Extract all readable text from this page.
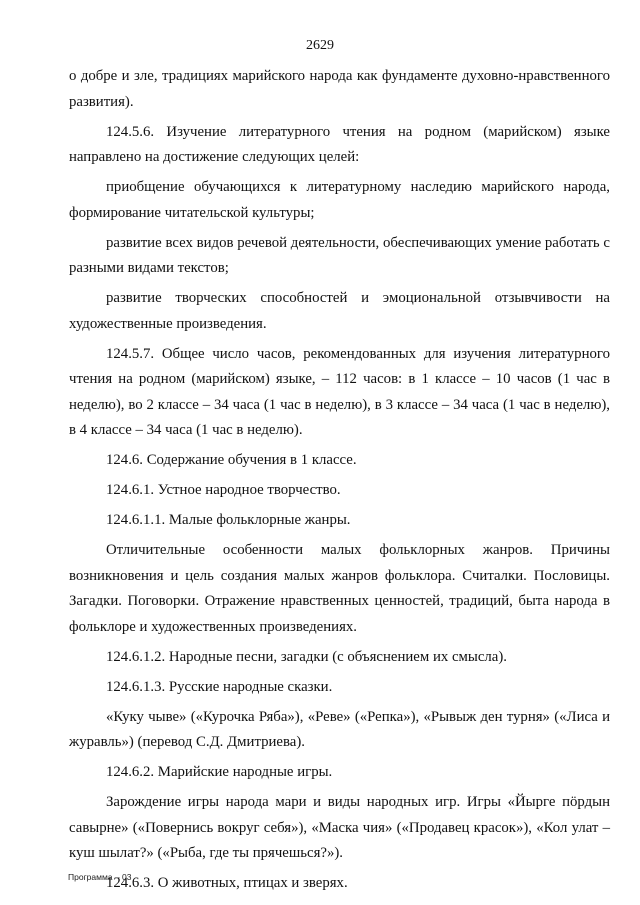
2629

о добре и зле, традициях марийского народа как фундаменте духовно-нравственного развития).

124.5.6. Изучение литературного чтения на родном (марийском) языке направлено на достижение следующих целей:

приобщение обучающихся к литературному наследию марийского народа, формирование читательской культуры;

развитие всех видов речевой деятельности, обеспечивающих умение работать с разными видами текстов;

развитие творческих способностей и эмоциональной отзывчивости на художественные произведения.

124.5.7. Общее число часов, рекомендованных для изучения литературного чтения на родном (марийском) языке, – 112 часов: в 1 классе – 10 часов (1 час в неделю), во 2 классе – 34 часа (1 час в неделю), в 3 классе – 34 часа (1 час в неделю), в 4 классе – 34 часа (1 час в неделю).

124.6. Содержание обучения в 1 классе.

124.6.1. Устное народное творчество.

124.6.1.1. Малые фольклорные жанры.

Отличительные особенности малых фольклорных жанров. Причины возникновения и цель создания малых жанров фольклора. Считалки. Пословицы. Загадки. Поговорки. Отражение нравственных ценностей, традиций, быта народа в фольклоре и художественных произведениях.

124.6.1.2. Народные песни, загадки (с объяснением их смысла).

124.6.1.3. Русские народные сказки.

«Куку чыве» («Курочка Ряба»), «Реве» («Репка»), «Рывыж ден турня» («Лиса и журавль») (перевод С.Д. Дмитриева).

124.6.2. Марийские народные игры.

Зарождение игры народа мари и виды народных игр. Игры «Йырге пӧрдын савырне» («Повернись вокруг себя»), «Маска чия» («Продавец красок»), «Кол улат – куш шылат?» («Рыба, где ты прячешься?»).

124.6.3. О животных, птицах и зверях.

Программа – 03
